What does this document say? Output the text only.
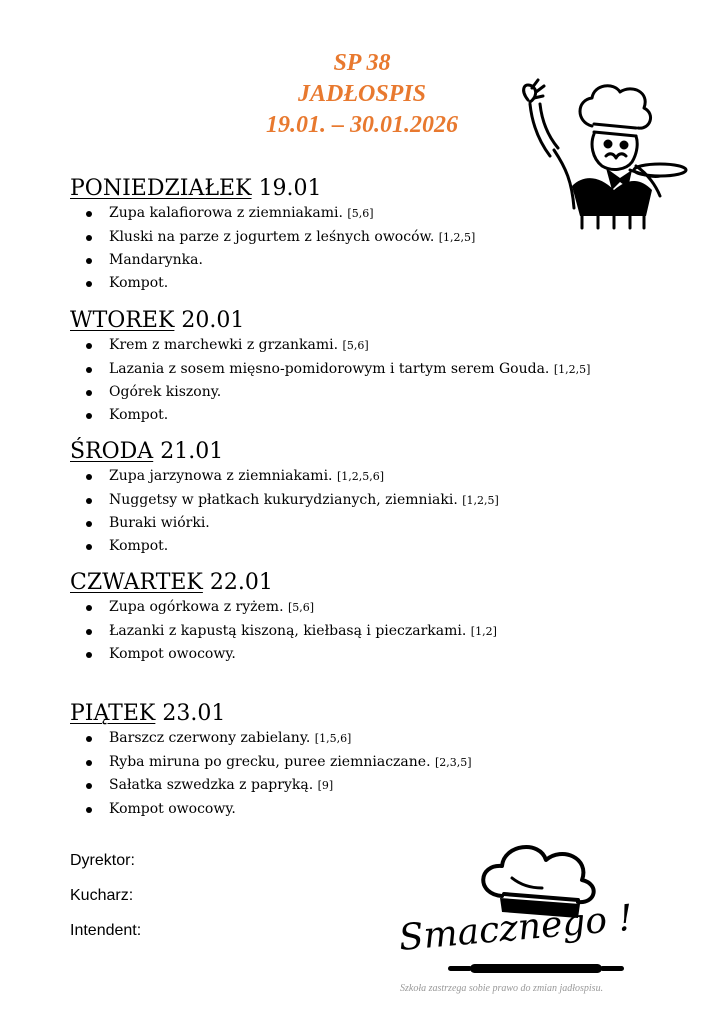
SP 38
JADŁOSPIS
19.01. – 30.01.2026
PONIEDZIAŁEK 19.01
Zupa kalafiorowa z ziemniakami. [5,6]
Kluski na parze z jogurtem z leśnych owoców. [1,2,5]
Mandarynka.
Kompot.
WTOREK 20.01
Krem z marchewki z grzankami. [5,6]
Lazania z sosem mięsno-pomidorowym i tartym serem Gouda. [1,2,5]
Ogórek kiszony.
Kompot.
ŚRODA 21.01
Zupa jarzynowa z ziemniakami. [1,2,5,6]
Nuggetsy w płatkach kukurydzianych, ziemniaki. [1,2,5]
Buraki wiórki.
Kompot.
CZWARTEK 22.01
Zupa ogórkowa z ryżem. [5,6]
Łazanki z kapustą kiszoną, kiełbasą i pieczarkami. [1,2]
Kompot owocowy.
PIĄTEK 23.01
Barszcz czerwony zabielany. [1,5,6]
Ryba miruna po grecku, puree ziemniaczane. [2,3,5]
Sałatka szwedzka z papryką. [9]
Kompot owocowy.
Dyrektor:
Kucharz:
Intendent:	Smacznego !
Szkoła zastrzega sobie prawo do zmian jadłospisu.
